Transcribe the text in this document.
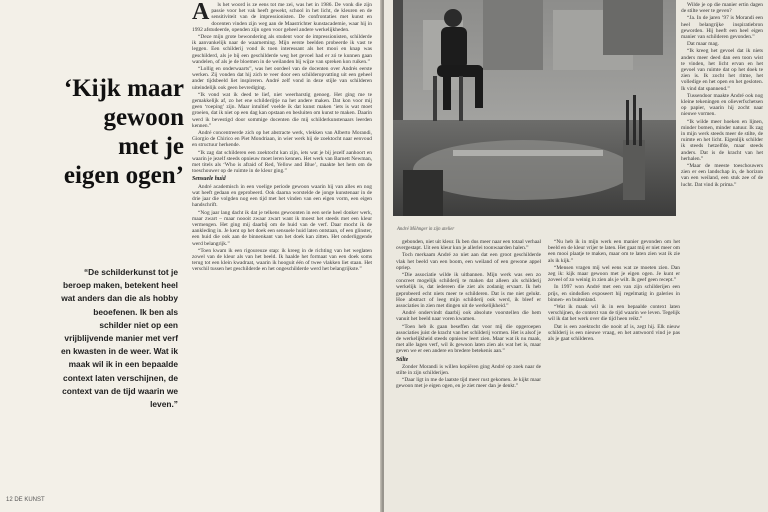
‘Kijk maar
gewoon
met je
eigen ogen’
“De schilderkunst tot je beroep maken, betekent heel wat anders dan die als hobby beoefenen. Ik ben als schilder niet op een vrijblijvende manier met verf en kwasten in de weer. Wat ik maak wil ik in een bepaalde context laten verschijnen, de context van de tijd waarin we leven.”
A	ls het woord is ze eens tot me zei, was het in 1986. De vonk die zijn passie voor het vak heeft gewekt, school in het licht, de kleuren en de sensitiviteit van de impressionisten. De confrontaties met kunst en docenten vinden zijn weg aan de Maastrichter kunstacademie, waar hij in 1992 afstudeerde, openden zijn ogen voor geheel andere werkelijkheden.

“Deze mijn grote bewondering als student voor de impressionisten, schilderde ik aanvankelijk naar de waarneming. Mijn eerste beelden probeerde ik vast te leggen. Een schilderij vond ik toen interessant als het mooi en knap was geschilderd, als je bij een geschilderde weg het gevoel had er zó te kunnen gaan wandelen, of als je de bloemen in de weilanden bij wijze van spreken kon ruiken.”

“Lollig en onderwaarts”, was het oordeel van de docenten over Andrés eerste werken. Zij vonden dat hij zich te veer door een schilderopvatting uit een geheel ander tijdsbeeld liet inspireren. André zelf vond in deze stijle van schilderen uiteindelijk ook geen bevrediging.

“Ik vond wat ik deed te lief, niet weerbarstig genoeg. Het ging me te gemakkelijk af, zo het ene schilderijtje na het andere maken. Dat kon voor mij geen ‘roeping’ zijn. Maar intuïtief voelde ik dat kunst maken ‘iets is wat moet groeien, dat ik niet op een dag kan opstaan en besluiten om kunst te maken. Daarin werd ik bevestigd door sommige docenten die mij schilderkunstenaars leerden kennen.”

André concentreerde zich op het abstracte werk, vlekken van Alberto Morandi, Giorgio de Chirico en Piet Mondriaan, in wier werk hij de zoektocht naar eenvoud en structuur herkende.

“Ik zag dat schilderen een zoektocht kan zijn, iets wat je bij jezelf aanhoort en waarin je jezelf steeds opnieuw moet leren kennen. Het werk van Barnett Newman, met titels als ‘Who is afraid of Red, Yellow and Blue’, maakte het hem om de toeschouwer op de ruimte in de kleur ging.”

Sensuele huid

André academisch in een voelige periode gewoon waarin hij van alles en nog wat heeft gedaan en geprobeerd. Ook daarna worstelde de jonge kunstenaar in de drie jaar die volgden nog een tijd met het vinden van een eigen vorm, een eigen handschrift.

“Nog jaar lang dacht ik dat je telkens gewoonten in een serie heel donker werk, maar zwart – maar noooit zwaar zwart want ik moest het steeds met een kleur vermengen. Het ging mij daarbij om de huid van de verf. Daar mocht ik de aankleding in. Je kent op het doek een sensuele huid laten ontstaan, of een glinster, een huid die ook aan de binnenkant van het doek kan zitten. Het onderliggende werd belangrijk.”

“Toen kwam ik een rigoureuze stap: ik kreeg in de richting van het weglaten zowel van de kleur als van het beeld. Ik haalde het formaat van een doek soms terug tot een klein kwadraat, waarin ik hooguit één of twee vlakken liet staan. Het verschil tussen het geschilderde en het ongeschilderde werd het belangrijkste.”

12 DE KUNST
André Möhnger in zijn atelier

gebonden, niet uit kleur. Ik ben dus meer naar een totaal verhaal overgestapt. Uit een kleur kun je allerlei toonwaarden halen.”

Toch merkaam André zo niet aan dat een groot geschilderde vlak het beeld van een boom, een weiland of een gewone appel opriep.

“Die associatie wilde ik uitbannen. Mijn werk was een zo concreet mogelijk schilderij te maken dat alleen als schilderij werkelijk is, dat iedereen die ziet als zodanig ervaart. Ik heb geprobeerd echt niets meer te schilderen. Dat is me niet gelukt. Hoe abstract of leeg mijn schilderij ook werd, ik bleef er associaties in zien met dingen uit de werkelijkheid.”

André ondervindt daarbij ook absolute voorstellen die hem vanuit het beeld naar voren kwamen.

“Toen heb ik gaan beseffen dat voor mij die opgeroepen associaties juist de kracht van het schilderij vormen. Het is alsof je de werkelijkheid steeds opnieuw leert zien. Maar wat ik nu maak, met alle lagen verf, wil ik gewoon laten zien als wat het is, maar geven we er een andere en bredere betekenis aan.”

Stilte

Zonder Morandi is willen kopiëren ging André op zoek naar de stilte in zijn schilderijen.

“Daar ligt in me de laatste tijd meer rust gekomen. Je kijkt maar gewoon met je eigen ogen, en je ziet meer dan je denkt.”

“Nu heb ik in mijn werk een manier gevonden om het beeld en de kleur vrijer te laten. Het gaat mij er niet meer om een mooi plaatje te maken, maar om te laten zien wat ik zie als ik kijk.”

“Mensen vragen mij wel eens wat ze moeten zien. Dan zeg ik: kijk maar gewoon met je eigen ogen. Je kunt er zoveel of zo weinig in zien als je wilt. Ik geef geen recept.”

In 1997 won André met een van zijn schilderijen een prijs, en sindsdien exposeert hij regelmatig in galeries in binnen- en buitenland.

“Wat ik maak wil ik in een bepaalde context laten verschijnen, de context van de tijd waarin we leven. Tegelijk wil ik dat het werk over die tijd heen reikt.”

Dat is een zoektocht die nooit af is, zegt hij. Elk nieuw schilderij is een nieuwe vraag, en het antwoord vind je pas als je gaat schilderen.

Wilde je op die manier ertin dagen de stilte weer te geven?

“Ja. In de jaren ’97 is Morandi een heel belangrijke inspiratiebron geworden. Hij heeft een heel eigen manier van schilderen gevonden.”

Dat maar mag.

“Ik kreeg het gevoel dat ik niets anders meer deed dan een toon wist te vinden, het licht ervan en het gevoel van ruimte dat op het doek te zien is. Ik zocht het ritme, het volledige en het open en het gesloten. Ik vind dat spannend.”

Tussendoor maakte André ook nog kleine tekeningen en olieverfschetsen op papier, waarin hij zocht naar nieuwe vormen.

“Ik wilde meer hoeken en lijnen, minder bomen, minder natuur. Ik zag in mijn werk steeds meer de stilte, de ruimte en het licht. Eigenlijk schilder ik steeds hetzelfde, maar steeds anders. Dat is de kracht van het herhalen.”

“Maar de meeste toeschouwers zien er een landschap in, de horizon van een weiland, een stuk zee of de lucht. Dat vind ik prima.”
